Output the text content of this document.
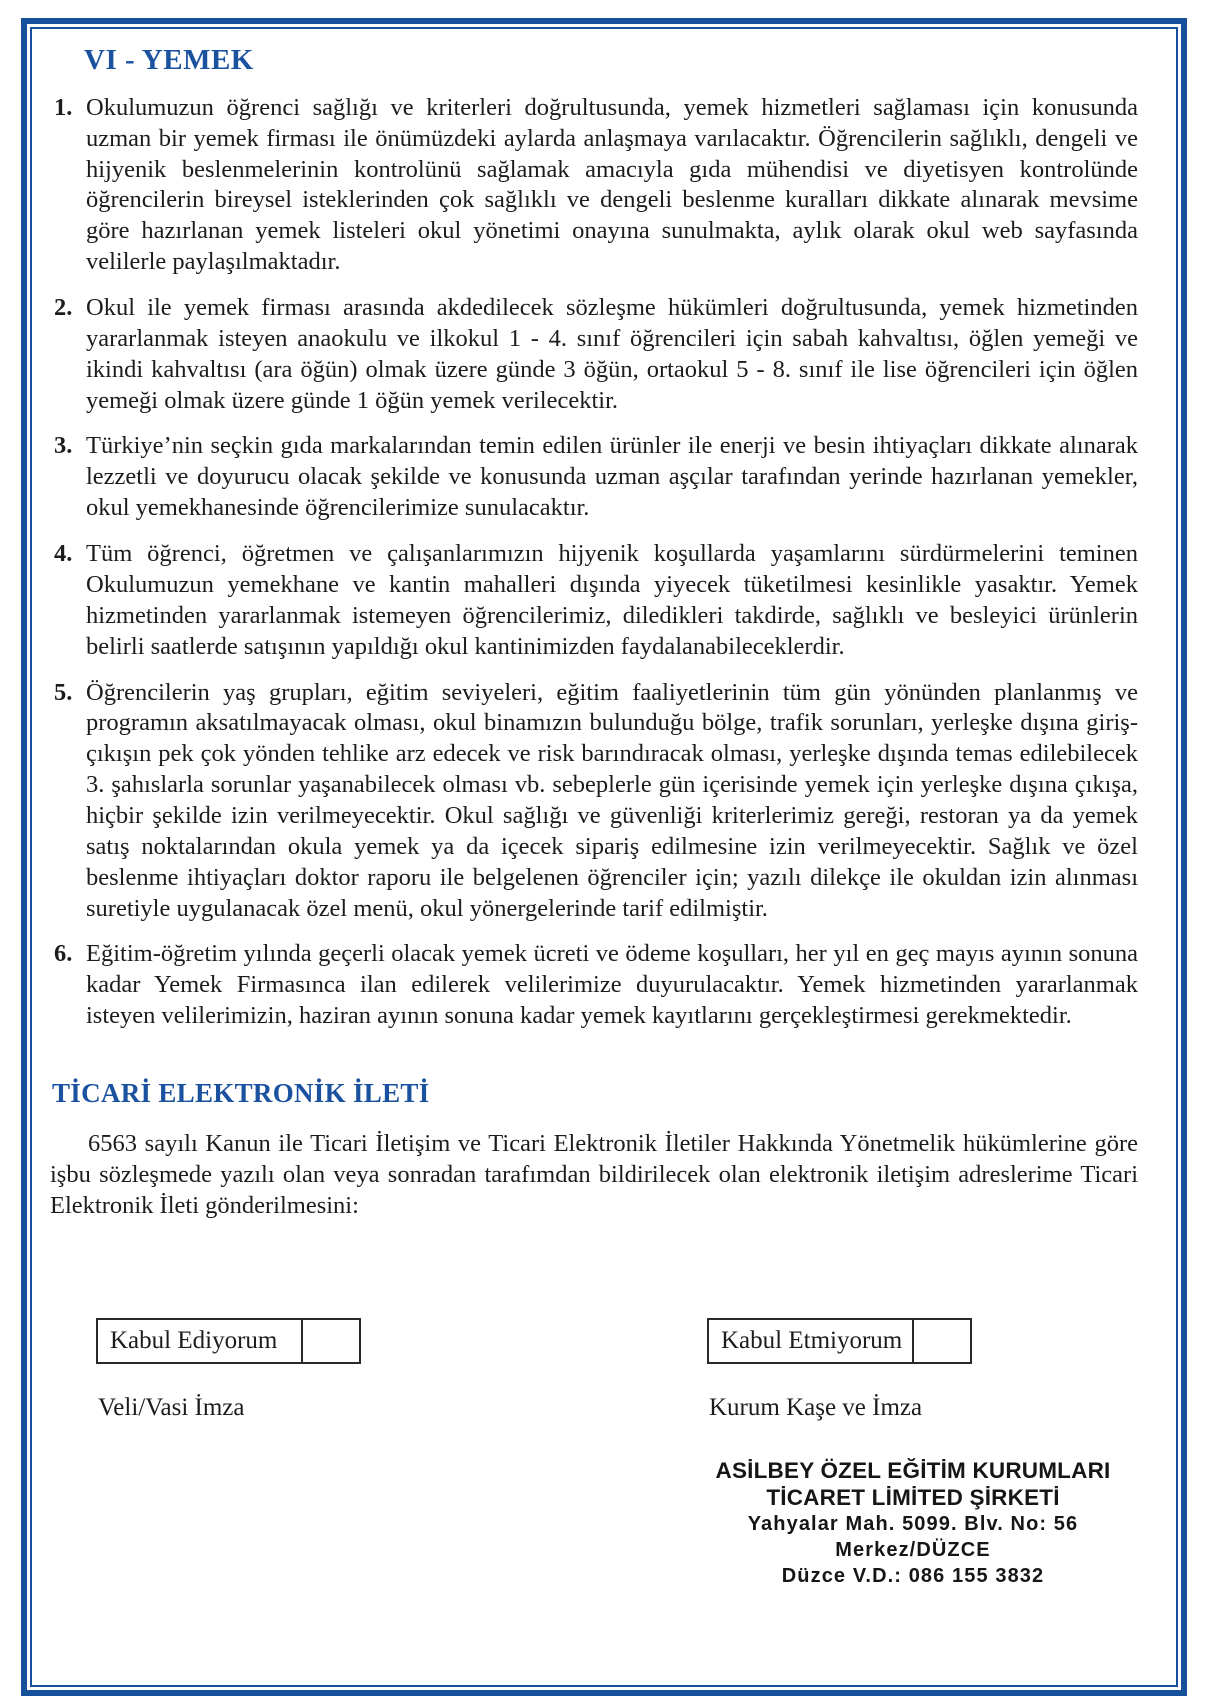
VI - YEMEK
1. Okulumuzun öğrenci sağlığı ve kriterleri doğrultusunda, yemek hizmetleri sağlaması için konusunda uzman bir yemek firması ile önümüzdeki aylarda anlaşmaya varılacaktır. Öğrencilerin sağlıklı, dengeli ve hijyenik beslenmelerinin kontrolünü sağlamak amacıyla gıda mühendisi ve diyetisyen kontrolünde öğrencilerin bireysel isteklerinden çok sağlıklı ve dengeli beslenme kuralları dikkate alınarak mevsime göre hazırlanan yemek listeleri okul yönetimi onayına sunulmakta, aylık olarak okul web sayfasında velilerle paylaşılmaktadır.

2. Okul ile yemek firması arasında akdedilecek sözleşme hükümleri doğrultusunda, yemek hizmetinden yararlanmak isteyen anaokulu ve ilkokul 1 - 4. sınıf öğrencileri için sabah kahvaltısı, öğlen yemeği ve ikindi kahvaltısı (ara öğün) olmak üzere günde 3 öğün, ortaokul 5 - 8. sınıf ile lise öğrencileri için öğlen yemeği olmak üzere günde 1 öğün yemek verilecektir.

3. Türkiye’nin seçkin gıda markalarından temin edilen ürünler ile enerji ve besin ihtiyaçları dikkate alınarak lezzetli ve doyurucu olacak şekilde ve konusunda uzman aşçılar tarafından yerinde hazırlanan yemekler, okul yemekhanesinde öğrencilerimize sunulacaktır.

4. Tüm öğrenci, öğretmen ve çalışanlarımızın hijyenik koşullarda yaşamlarını sürdürmelerini teminen Okulumuzun yemekhane ve kantin mahalleri dışında yiyecek tüketilmesi kesinlikle yasaktır. Yemek hizmetinden yararlanmak istemeyen öğrencilerimiz, diledikleri takdirde, sağlıklı ve besleyici ürünlerin belirli saatlerde satışının yapıldığı okul kantinimizden faydalanabileceklerdir.

5. Öğrencilerin yaş grupları, eğitim seviyeleri, eğitim faaliyetlerinin tüm gün yönünden planlanmış ve programın aksatılmayacak olması, okul binamızın bulunduğu bölge, trafik sorunları, yerleşke dışına giriş-çıkışın pek çok yönden tehlike arz edecek ve risk barındıracak olması, yerleşke dışında temas edilebilecek 3. şahıslarla sorunlar yaşanabilecek olması vb. sebeplerle gün içerisinde yemek için yerleşke dışına çıkışa, hiçbir şekilde izin verilmeyecektir. Okul sağlığı ve güvenliği kriterlerimiz gereği, restoran ya da yemek satış noktalarından okula yemek ya da içecek sipariş edilmesine izin verilmeyecektir. Sağlık ve özel beslenme ihtiyaçları doktor raporu ile belgelenen öğrenciler için; yazılı dilekçe ile okuldan izin alınması suretiyle uygulanacak özel menü, okul yönergelerinde tarif edilmiştir.

6. Eğitim-öğretim yılında geçerli olacak yemek ücreti ve ödeme koşulları, her yıl en geç mayıs ayının sonuna kadar Yemek Firmasınca ilan edilerek velilerimize duyurulacaktır. Yemek hizmetinden yararlanmak isteyen velilerimizin, haziran ayının sonuna kadar yemek kayıtlarını gerçekleştirmesi gerekmektedir.

TİCARİ ELEKTRONİK İLETİ

6563 sayılı Kanun ile Ticari İletişim ve Ticari Elektronik İletiler Hakkında Yönetmelik hükümlerine göre işbu sözleşmede yazılı olan veya sonradan tarafımdan bildirilecek olan elektronik iletişim adreslerime Ticari Elektronik İleti gönderilmesini:

Kabul Ediyorum

Veli/Vasi İmza

Kabul Etmiyorum

Kurum Kaşe ve İmza

ASİLBEY ÖZEL EĞİTİM KURUMLARI

TİCARET LİMİTED ŞİRKETİ

Yahyalar Mah. 5099. Blv. No: 56

Merkez/DÜZCE

Düzce V.D.: 086 155 3832
